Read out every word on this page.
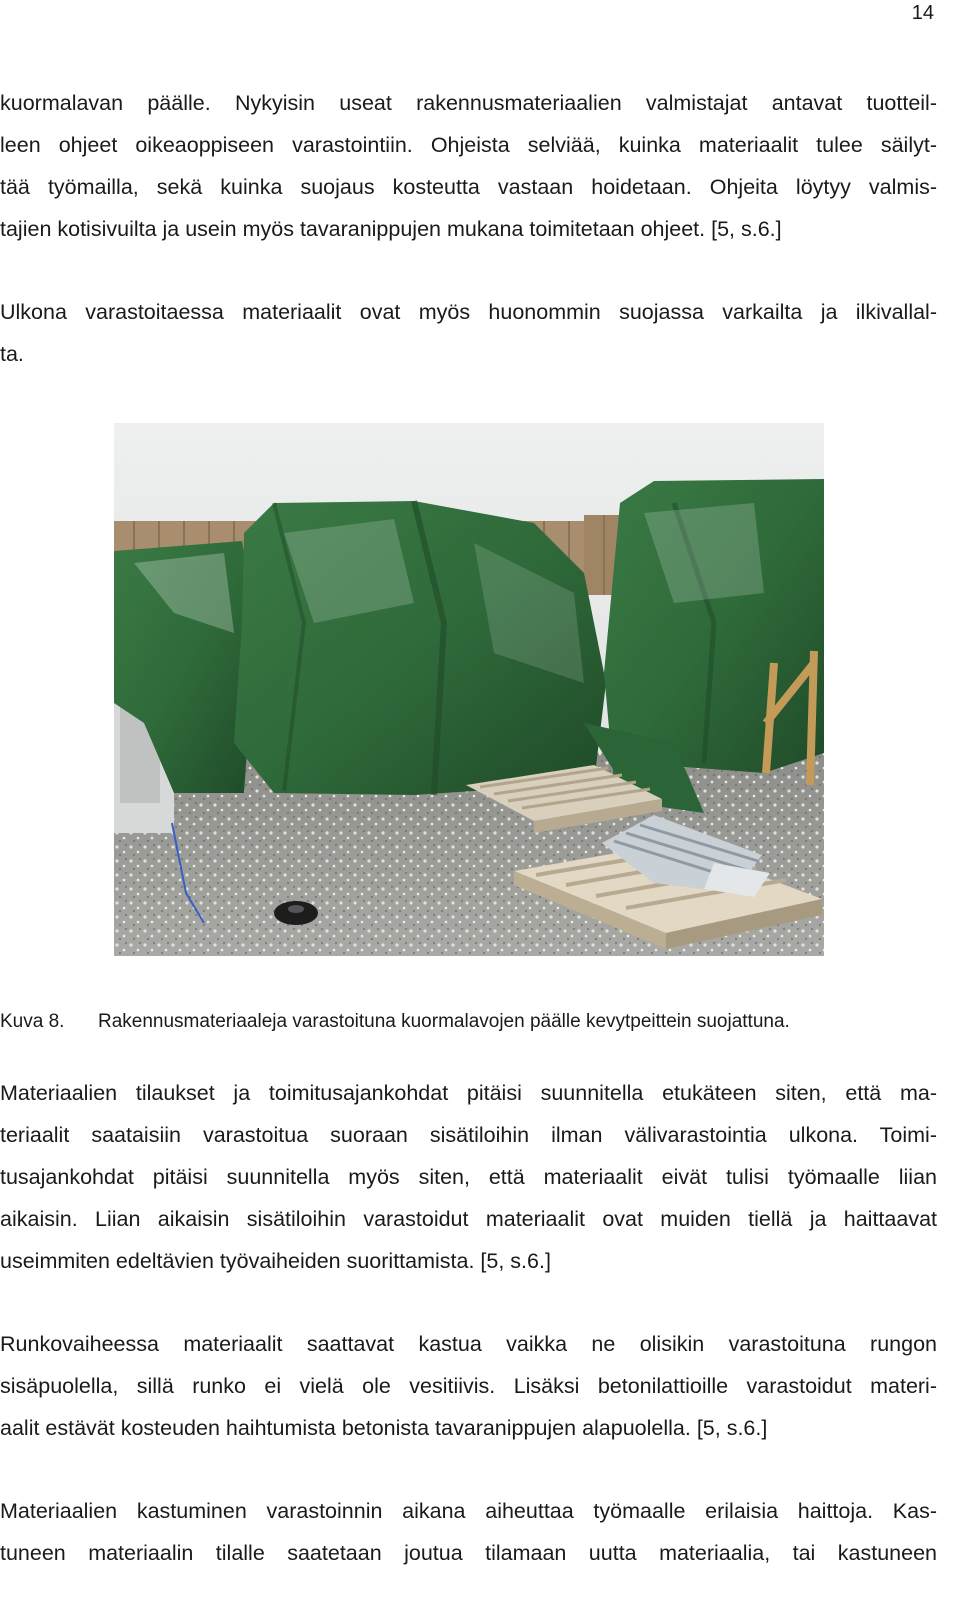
14
kuormalavan päälle. Nykyisin useat rakennusmateriaalien valmistajat antavat tuotteil-
leen ohjeet oikeaoppiseen varastointiin. Ohjeista selviää, kuinka materiaalit tulee säilyt-
tää työmailla, sekä kuinka suojaus kosteutta vastaan hoidetaan. Ohjeita löytyy valmis-
tajien kotisivuilta ja usein myös tavaranippujen mukana toimitetaan ohjeet. [5, s.6.]
Ulkona varastoitaessa materiaalit ovat myös huonommin suojassa varkailta ja ilkivallal-
ta.
Kuva 8. Rakennusmateriaaleja varastoituna kuormalavojen päälle kevytpeittein suojattuna.
Materiaalien tilaukset ja toimitusajankohdat pitäisi suunnitella etukäteen siten, että ma-
teriaalit saataisiin varastoitua suoraan sisätiloihin ilman välivarastointia ulkona. Toimi-
tusajankohdat pitäisi suunnitella myös siten, että materiaalit eivät tulisi työmaalle liian
aikaisin. Liian aikaisin sisätiloihin varastoidut materiaalit ovat muiden tiellä ja haittaavat
useimmiten edeltävien työvaiheiden suorittamista. [5, s.6.]
Runkovaiheessa materiaalit saattavat kastua vaikka ne olisikin varastoituna rungon
sisäpuolella, sillä runko ei vielä ole vesitiivis. Lisäksi betonilattioille varastoidut materi-
aalit estävät kosteuden haihtumista betonista tavaranippujen alapuolella. [5, s.6.]
Materiaalien kastuminen varastoinnin aikana aiheuttaa työmaalle erilaisia haittoja. Kas-
tuneen materiaalin tilalle saatetaan joutua tilamaan uutta materiaalia, tai kastuneen
